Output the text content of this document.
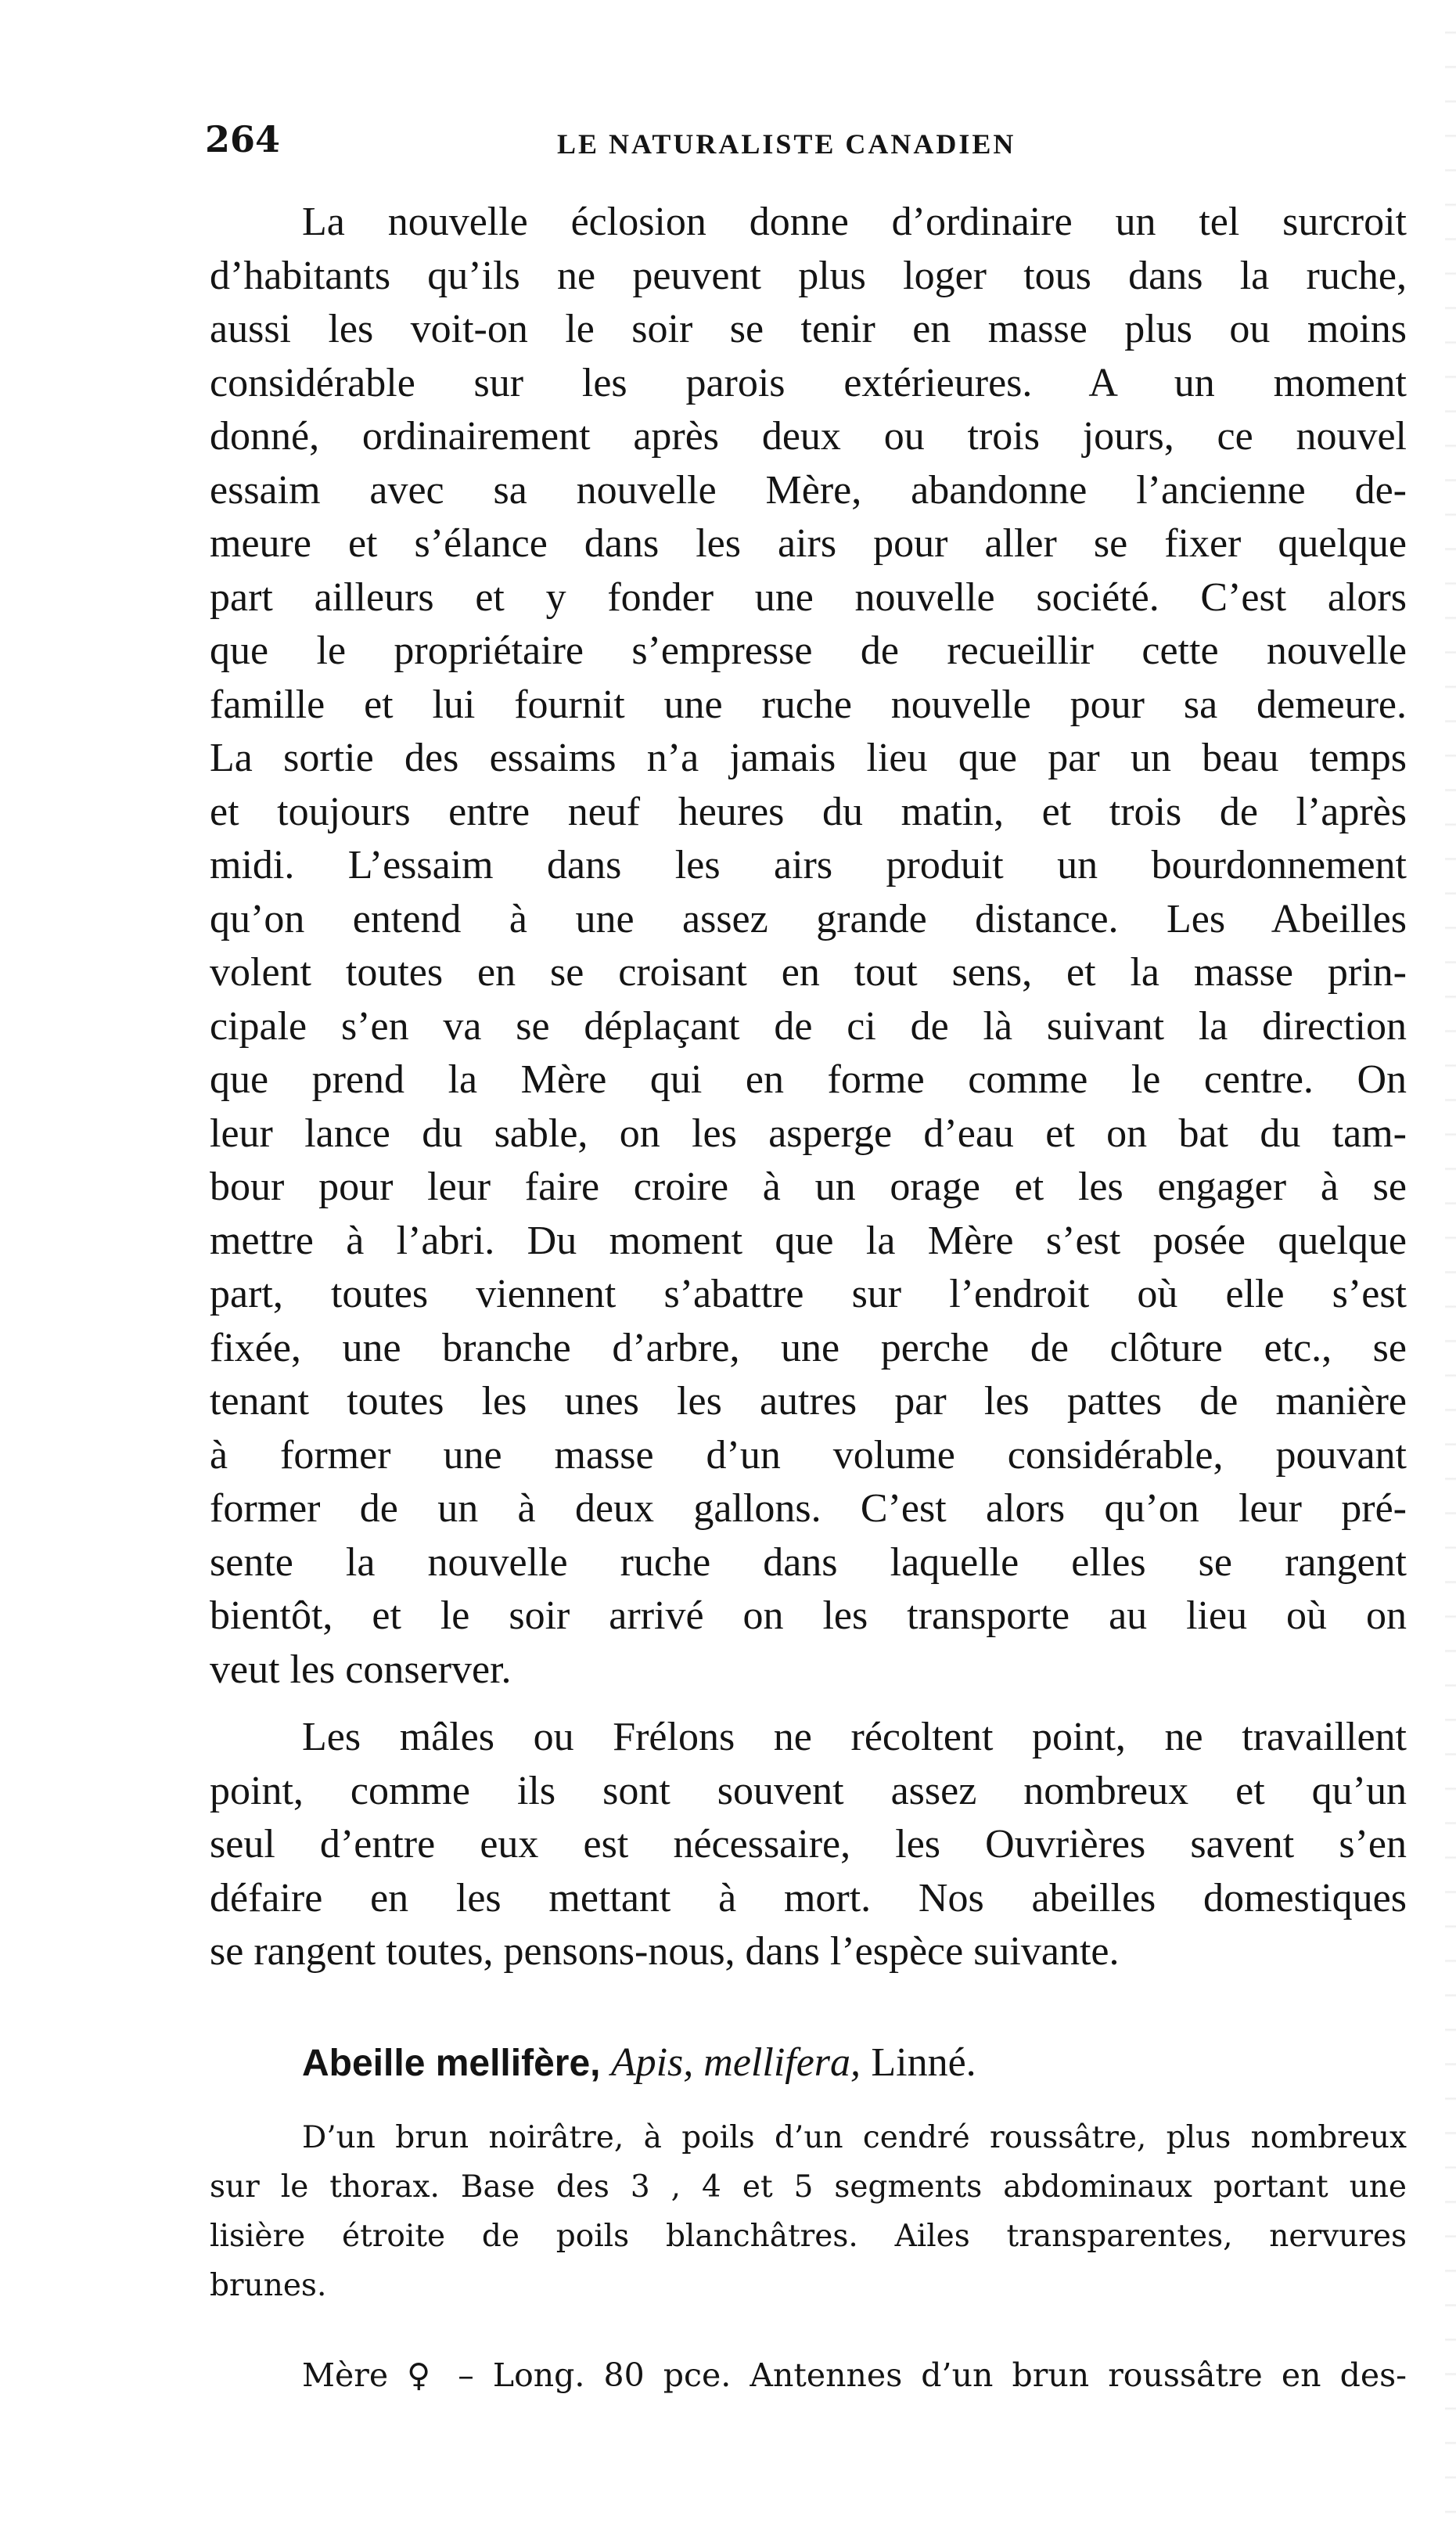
264	LE NATURALISTE CANADIEN
La nouvelle éclosion donne d’ordinaire un tel surcroit
d’habitants qu’ils ne peuvent plus loger tous dans la ruche,
aussi les voit-on le soir se tenir en masse plus ou moins
considérable sur les parois extérieures. A un moment
donné, ordinairement après deux ou trois jours, ce nouvel
essaim avec sa nouvelle Mère, abandonne l’ancienne de-
meure et s’élance dans les airs pour aller se fixer quelque
part ailleurs et y fonder une nouvelle société. C’est alors
que le propriétaire s’empresse de recueillir cette nouvelle
famille et lui fournit une ruche nouvelle pour sa demeure.
La sortie des essaims n’a jamais lieu que par un beau temps
et toujours entre neuf heures du matin, et trois de l’après
midi. L’essaim dans les airs produit un bourdonnement
qu’on entend à une assez grande distance. Les Abeilles
volent toutes en se croisant en tout sens, et la masse prin-
cipale s’en va se déplaçant de ci de là suivant la direction
que prend la Mère qui en forme comme le centre. On
leur lance du sable, on les asperge d’eau et on bat du tam-
bour pour leur faire croire à un orage et les engager à se
mettre à l’abri. Du moment que la Mère s’est posée quelque
part, toutes viennent s’abattre sur l’endroit où elle s’est
fixée, une branche d’arbre, une perche de clôture etc., se
tenant toutes les unes les autres par les pattes de manière
à former une masse d’un volume considérable, pouvant
former de un à deux gallons. C’est alors qu’on leur pré-
sente la nouvelle ruche dans laquelle elles se rangent
bientôt, et le soir arrivé on les transporte au lieu où on
veut les conserver.
Les mâles ou Frélons ne récoltent point, ne travaillent
point, comme ils sont souvent assez nombreux et qu’un
seul d’entre eux est nécessaire, les Ouvrières savent s’en
défaire en les mettant à mort. Nos abeilles domestiques
se rangent toutes, pensons-nous, dans l’espèce suivante.
Abeille mellifère, Apis, mellifera, Linné.
D’un brun noirâtre, à poils d’un cendré roussâtre, plus nombreux
sur le thorax. Base des 3 , 4 et 5 segments abdominaux portant une
lisière étroite de poils blanchâtres. Ailes transparentes, nervures
brunes.
Mère ♀ – Long. 80 pce. Antennes d’un brun roussâtre en des-
